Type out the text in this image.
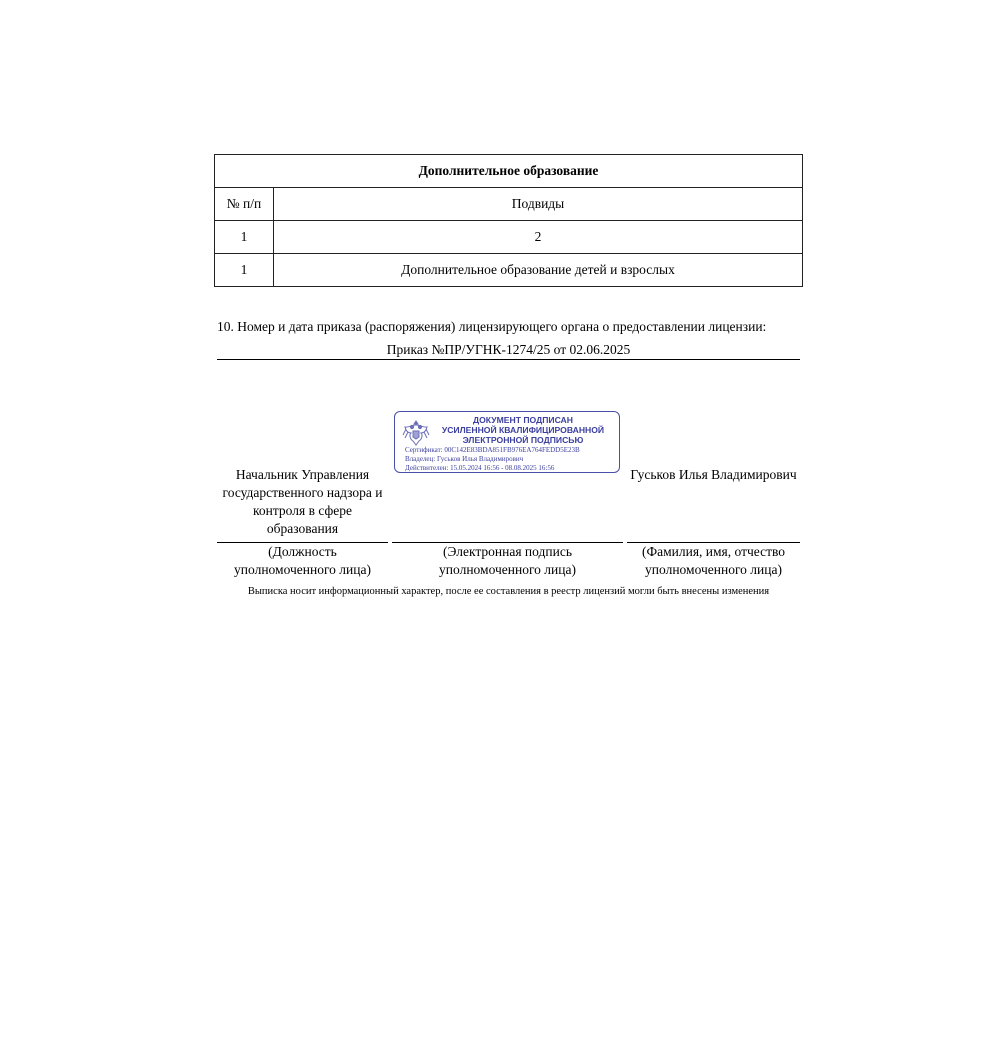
Дополнительное образование	
№ п/п	Подвиды
1	2
1	Дополнительное образование детей и взрослых
10. Номер и дата приказа (распоряжения) лицензирующего органа о предоставлении лицензии:
Приказ №ПР/УГНК-1274/25 от 02.06.2025
ДОКУМЕНТ ПОДПИСАН
УСИЛЕННОЙ КВАЛИФИЦИРОВАННОЙ
ЭЛЕКТРОННОЙ ПОДПИСЬЮ
Сертификат: 00C142E83BDA851FB976EA764FEDD5E23B
Владелец: Гуськов Илья Владимирович
Действителен: 15.05.2024 16:56 - 08.08.2025 16:56
Начальник Управления
государственного надзора и
контроля в сфере
образования
Гуськов Илья Владимирович
(Должность
уполномоченного лица)
(Электронная подпись
уполномоченного лица)
(Фамилия, имя, отчество
уполномоченного лица)
Выписка носит информационный характер, после ее составления в реестр лицензий могли быть внесены изменения
